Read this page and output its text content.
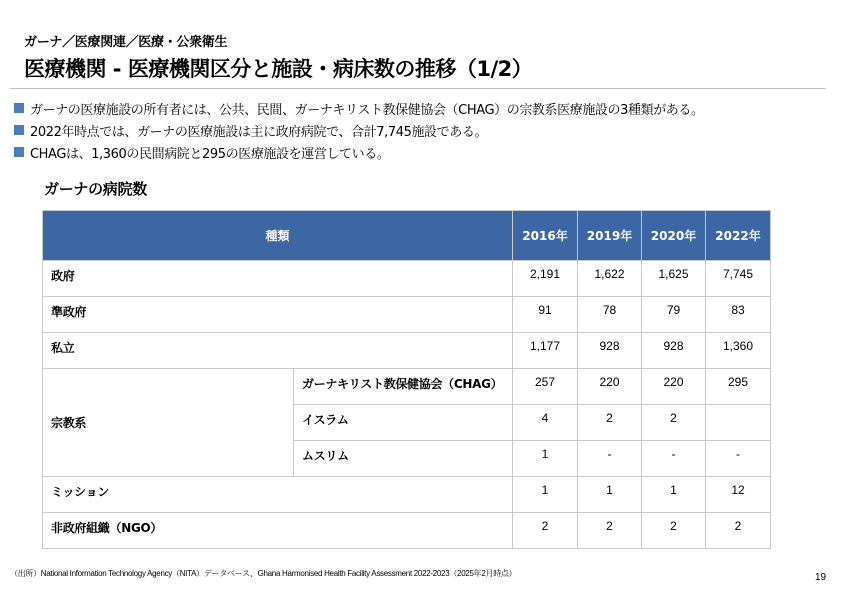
ガーナ／医療関連／医療・公衆衛生
医療機関 - 医療機関区分と施設・病床数の推移（1/2）
ガーナの医療施設の所有者には、公共、民間、ガーナキリスト教保健協会（CHAG）の宗教系医療施設の3種類がある。
2022年時点では、ガーナの医療施設は主に政府病院で、合計7,745施設である。
CHAGは、1,360の民間病院と295の医療施設を運営している。
ガーナの病院数
種類		2016年	2019年	2020年	2022年
政府		2,191	1,622	1,625	7,745
準政府		91	78	79	83
私立		1,177	928	928	1,360
宗教系	ガーナキリスト教保健協会（CHAG）	257	220	220	295
	イスラム	4	2	2	
	ムスリム	1	-	-	-
ミッション		1	1	1	12
非政府組織（NGO）		2	2	2	2
（出所）National Information Technology Agency（NITA）データベース、Ghana Harmonised Health Facility Assessment 2022-2023（2025年2月時点）	19
